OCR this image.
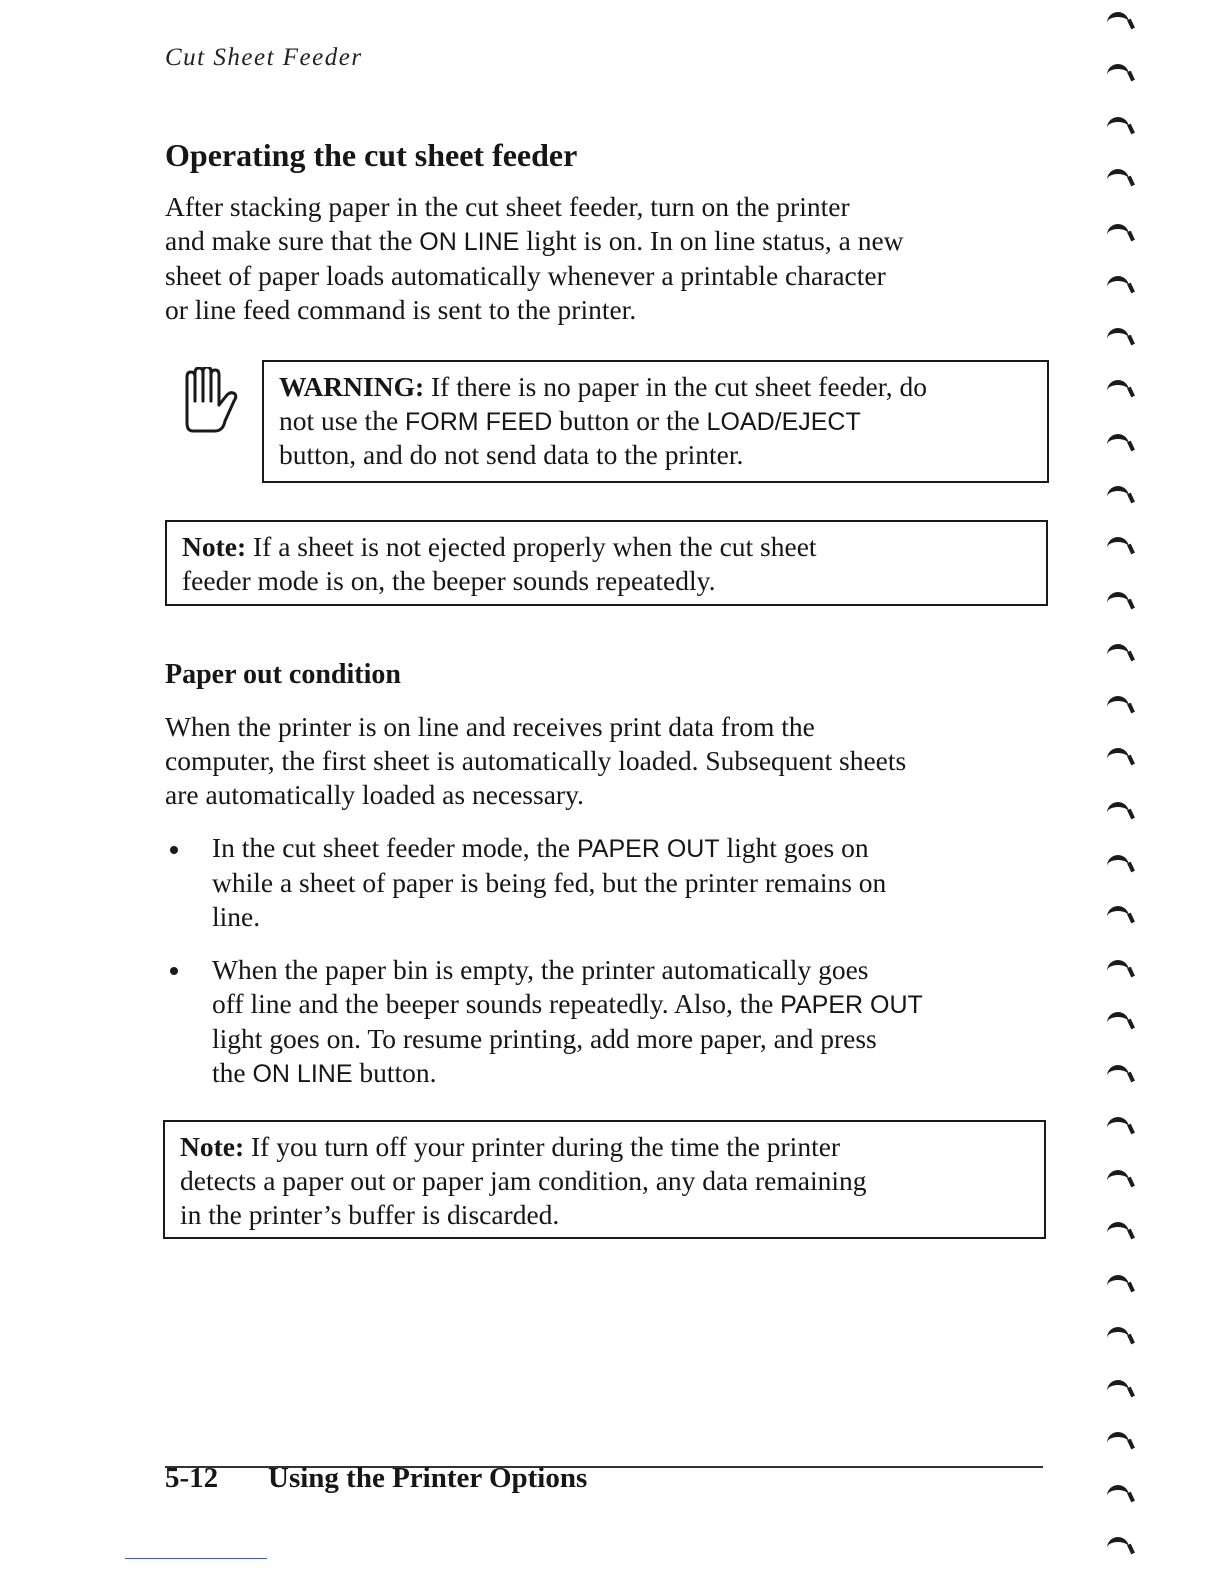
Cut Sheet Feeder
Operating the cut sheet feeder
After stacking paper in the cut sheet feeder, turn on the printer
and make sure that the ON LINE light is on. In on line status, a new
sheet of paper loads automatically whenever a printable character
or line feed command is sent to the printer.
WARNING: If there is no paper in the cut sheet feeder, do
not use the FORM FEED button or the LOAD/EJECT
button, and do not send data to the printer.
Note: If a sheet is not ejected properly when the cut sheet
feeder mode is on, the beeper sounds repeatedly.
Paper out condition
When the printer is on line and receives print data from the
computer, the first sheet is automatically loaded. Subsequent sheets
are automatically loaded as necessary.
In the cut sheet feeder mode, the PAPER OUT light goes on
while a sheet of paper is being fed, but the printer remains on
line.
When the paper bin is empty, the printer automatically goes
off line and the beeper sounds repeatedly. Also, the PAPER OUT
light goes on. To resume printing, add more paper, and press
the ON LINE button.
Note: If you turn off your printer during the time the printer
detects a paper out or paper jam condition, any data remaining
in the printer’s buffer is discarded.
5-12 Using the Printer Options
